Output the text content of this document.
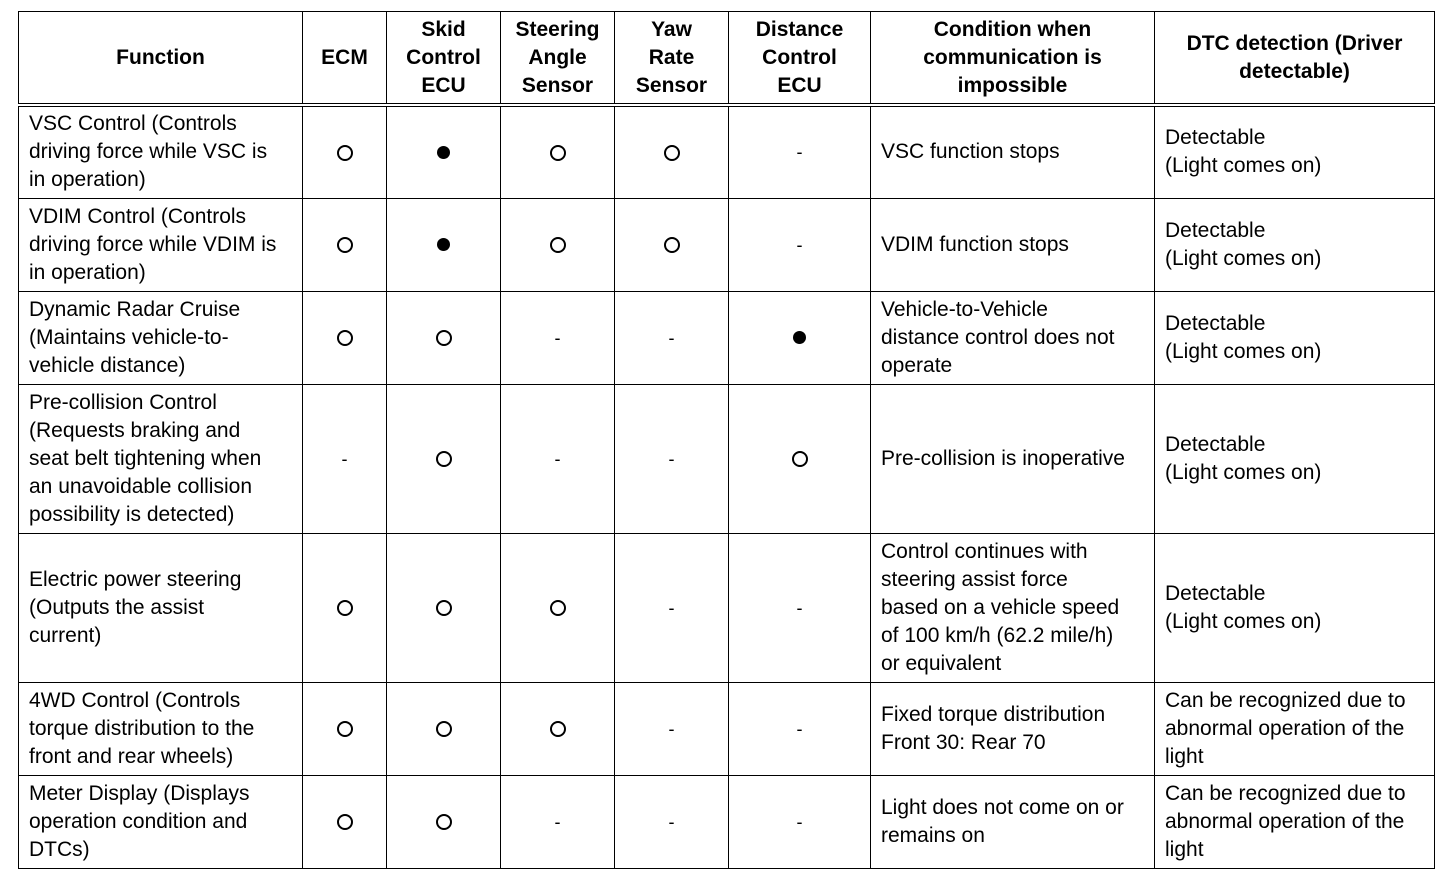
Function	ECM	Skid
Control
ECU	Steering
Angle
Sensor	Yaw
Rate
Sensor	Distance
Control
ECU	Condition when
communication is
impossible	DTC detection (Driver
detectable)

VSC Control (Controls
driving force while VSC is
in operation)					-	VSC function stops	Detectable
(Light comes on)

VDIM Control (Controls
driving force while VDIM is
in operation)					-	VDIM function stops	Detectable
(Light comes on)

Dynamic Radar Cruise
(Maintains vehicle-to-
vehicle distance)			-	-		Vehicle-to-Vehicle
distance control does not
operate	Detectable
(Light comes on)

Pre-collision Control
(Requests braking and
seat belt tightening when
an unavoidable collision
possibility is detected)	-		-	-		Pre-collision is inoperative	Detectable
(Light comes on)

Electric power steering
(Outputs the assist
current)				-	-	Control continues with
steering assist force
based on a vehicle speed
of 100 km/h (62.2 mile/h)
or equivalent	Detectable
(Light comes on)

4WD Control (Controls
torque distribution to the
front and rear wheels)				-	-	Fixed torque distribution
Front 30: Rear 70	Can be recognized due to
abnormal operation of the
light

Meter Display (Displays
operation condition and
DTCs)			-	-	-	Light does not come on or
remains on	Can be recognized due to
abnormal operation of the
light
